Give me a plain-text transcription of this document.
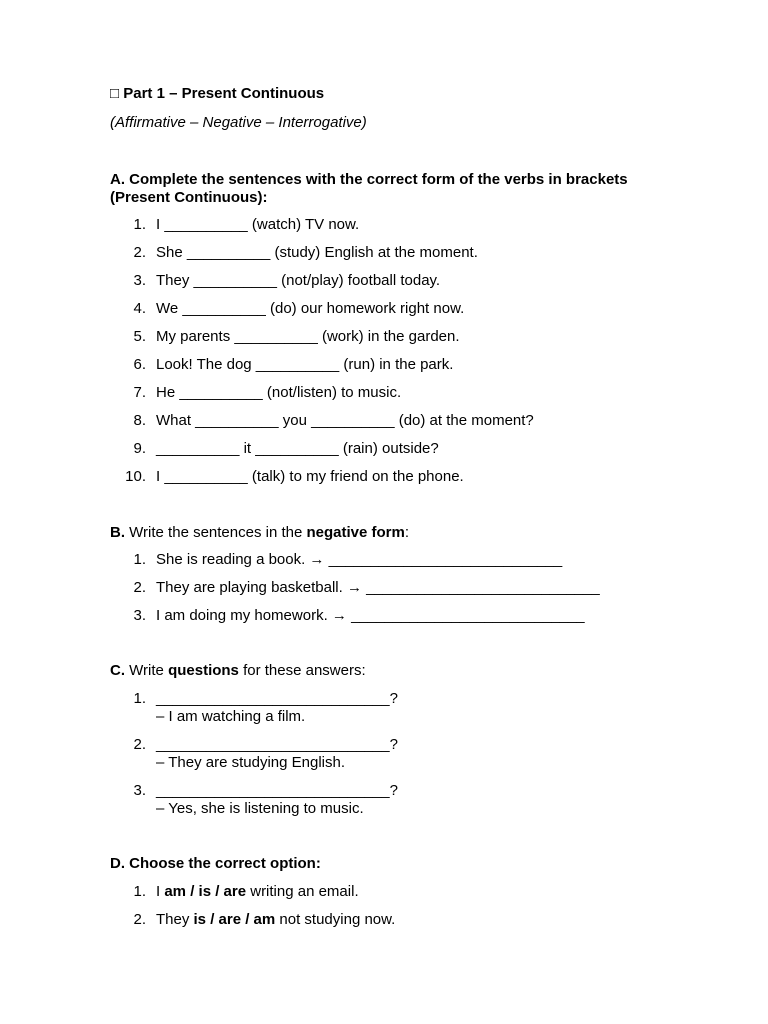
□ Part 1 – Present Continuous
(Affirmative – Negative – Interrogative)
A. Complete the sentences with the correct form of the verbs in brackets (Present Continuous):
1. I __________ (watch) TV now.
2. She __________ (study) English at the moment.
3. They __________ (not/play) football today.
4. We __________ (do) our homework right now.
5. My parents __________ (work) in the garden.
6. Look! The dog __________ (run) in the park.
7. He __________ (not/listen) to music.
8. What __________ you __________ (do) at the moment?
9. __________ it __________ (rain) outside?
10. I __________ (talk) to my friend on the phone.
B. Write the sentences in the negative form:
1. She is reading a book. → ____________________________
2. They are playing basketball. → ____________________________
3. I am doing my homework. → ____________________________
C. Write questions for these answers:
1. ____________________________?
– I am watching a film.
2. ____________________________?
– They are studying English.
3. ____________________________?
– Yes, she is listening to music.
D. Choose the correct option:
1. I am / is / are writing an email.
2. They is / are / am not studying now.
